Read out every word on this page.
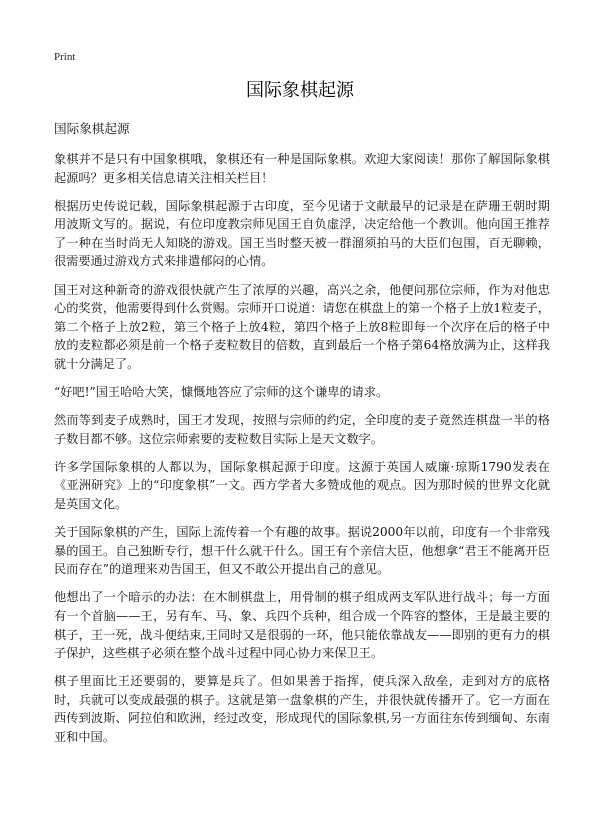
Print
国际象棋起源
国际象棋起源

象棋并不是只有中国象棋哦，象棋还有一种是国际象棋。欢迎大家阅读！那你了解国际象棋起源吗？更多相关信息请关注相关栏目！

根据历史传说记载，国际象棋起源于古印度，至今见诸于文献最早的记录是在萨珊王朝时期用波斯文写的。据说，有位印度教宗师见国王自负虚浮，决定给他一个教训。他向国王推荐了一种在当时尚无人知晓的游戏。国王当时整天被一群溜须拍马的大臣们包围，百无聊赖，很需要通过游戏方式来排遣郁闷的心情。

国王对这种新奇的游戏很快就产生了浓厚的兴趣，高兴之余，他便问那位宗师，作为对他忠心的奖赏，他需要得到什么赏赐。宗师开口说道：请您在棋盘上的第一个格子上放1粒麦子，第二个格子上放2粒，第三个格子上放4粒，第四个格子上放8粒即每一个次序在后的格子中放的麦粒都必须是前一个格子麦粒数目的倍数，直到最后一个格子第64格放满为止，这样我就十分满足了。

“好吧!”国王哈哈大笑，慷慨地答应了宗师的这个谦卑的请求。

然而等到麦子成熟时，国王才发现，按照与宗师的约定，全印度的麦子竟然连棋盘一半的格子数目都不够。这位宗师索要的麦粒数目实际上是天文数字。

许多学国际象棋的人都以为，国际象棋起源于印度。这源于英国人威廉·琼斯1790发表在《亚洲研究》上的“印度象棋”一文。西方学者大多赞成他的观点。因为那时候的世界文化就是英国文化。

关于国际象棋的产生，国际上流传着一个有趣的故事。据说2000年以前，印度有一个非常残暴的国王。自己独断专行，想干什么就干什么。国王有个亲信大臣，他想拿“君王不能离开臣民而存在”的道理来劝告国王，但又不敢公开提出自己的意见。

他想出了一个暗示的办法：在木制棋盘上，用骨制的棋子组成两支军队进行战斗；每一方面有一个首脑——王，另有车、马、象、兵四个兵种，组合成一个阵容的整体，王是最主要的棋子，王一死，战斗便结束,王同时又是很弱的一环，他只能依靠战友——即别的更有力的棋子保护，这些棋子必须在整个战斗过程中同心协力来保卫王。

棋子里面比王还要弱的，要算是兵了。但如果善于指挥，使兵深入敌垒，走到对方的底格时，兵就可以变成最强的棋子。这就是第一盘象棋的产生，并很快就传播开了。它一方面在西传到波斯、阿拉伯和欧洲，经过改变，形成现代的国际象棋,另一方面往东传到缅甸、东南亚和中国。
